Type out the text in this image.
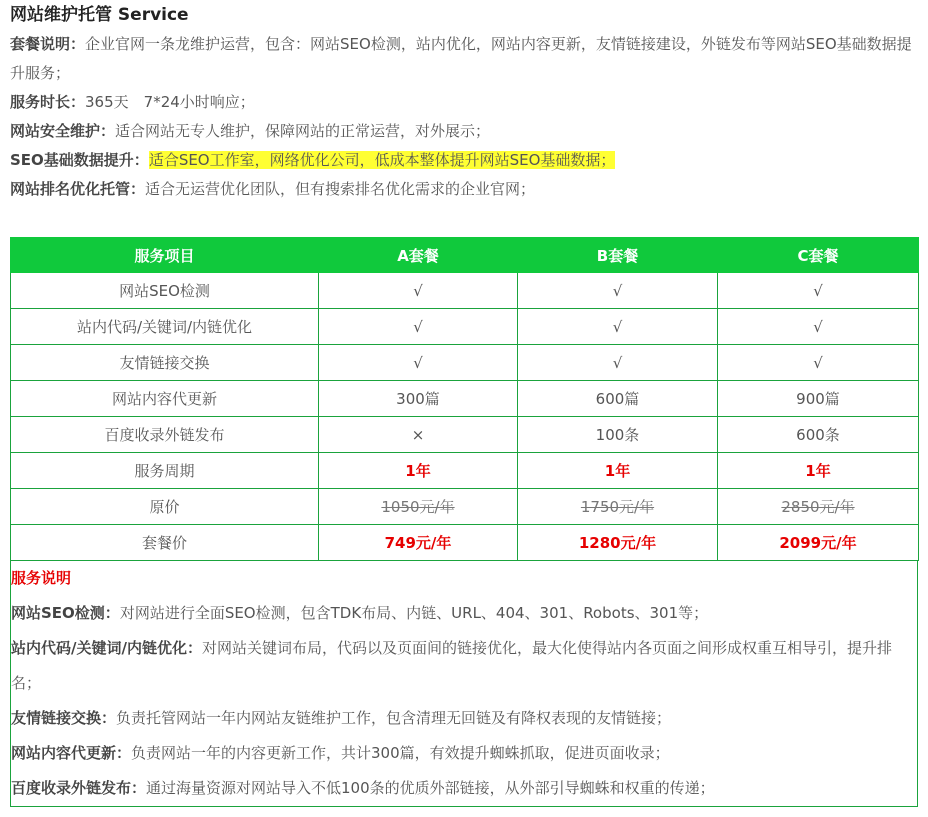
网站维护托管 Service

套餐说明：企业官网一条龙维护运营，包含：网站SEO检测，站内优化，网站内容更新，友情链接建设，外链发布等网站SEO基础数据提升服务；

服务时长：365天　7*24小时响应；

网站安全维护：适合网站无专人维护，保障网站的正常运营，对外展示；

SEO基础数据提升：适合SEO工作室，网络优化公司，低成本整体提升网站SEO基础数据；

网站排名优化托管：适合无运营优化团队，但有搜索排名优化需求的企业官网；

服务项目	A套餐	B套餐	C套餐
网站SEO检测	√	√	√
站内代码/关键词/内链优化	√	√	√
友情链接交换	√	√	√
网站内容代更新	300篇	600篇	900篇
百度收录外链发布	×	100条	600条
服务周期	1年	1年	1年
原价	1050元/年	1750元/年	2850元/年
套餐价	749元/年	1280元/年	2099元/年

服务说明

网站SEO检测：对网站进行全面SEO检测，包含TDK布局、内链、URL、404、301、Robots、301等；

站内代码/关键词/内链优化：对网站关键词布局，代码以及页面间的链接优化，最大化使得站内各页面之间形成权重互相导引，提升排名；

友情链接交换：负责托管网站一年内网站友链维护工作，包含清理无回链及有降权表现的友情链接；

网站内容代更新：负责网站一年的内容更新工作，共计300篇，有效提升蜘蛛抓取，促进页面收录；

百度收录外链发布：通过海量资源对网站导入不低100条的优质外部链接，从外部引导蜘蛛和权重的传递；
